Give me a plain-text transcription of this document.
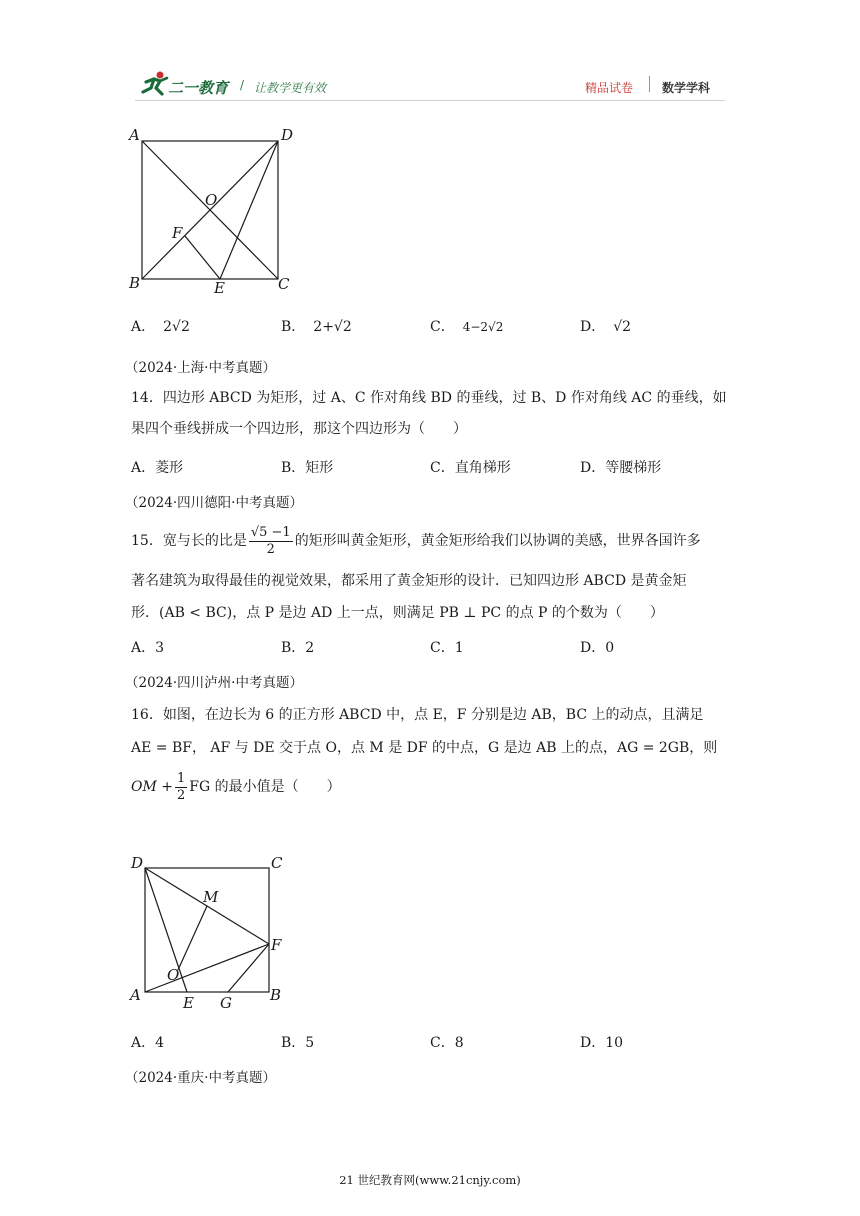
二一教育 / 让教学更有效	精品试卷 数学学科
A	D
O
F
B	E	C
A． 2√2	B． 2+√2	C． 4−2√2	D． √2
（2024·上海·中考真题）
14．四边形 ABCD 为矩形，过 A、C 作对角线 BD 的垂线，过 B、D 作对角线 AC 的垂线，如
果四个垂线拼成一个四边形，那这个四边形为（　　）
A．菱形	B．矩形	C．直角梯形	D．等腰梯形
（2024·四川德阳·中考真题）
15．宽与长的比是 $\frac{√5 -1}{2}$ 的矩形叫黄金矩形，黄金矩形给我们以协调的美感，世界各国许多
著名建筑为取得最佳的视觉效果，都采用了黄金矩形的设计．已知四边形 ABCD 是黄金矩
形．(AB < BC)，点 P 是边 AD 上一点，则满足 PB ⊥ PC 的点 P 的个数为（　　）
A．3	B．2	C．1	D．0
（2024·四川泸州·中考真题）
16．如图，在边长为 6 的正方形 ABCD 中，点 E，F 分别是边 AB，BC 上的动点，且满足
AE = BF， AF 与 DE 交于点 O，点 M 是 DF 的中点，G 是边 AB 上的点，AG = 2GB，则
OM + $\frac{1}{2}$ FG 的最小值是（　　）
D	C
M
F
O
A	E G	B
A．4	B．5	C．8	D．10
（2024·重庆·中考真题）
21 世纪教育网(www.21cnjy.com)
